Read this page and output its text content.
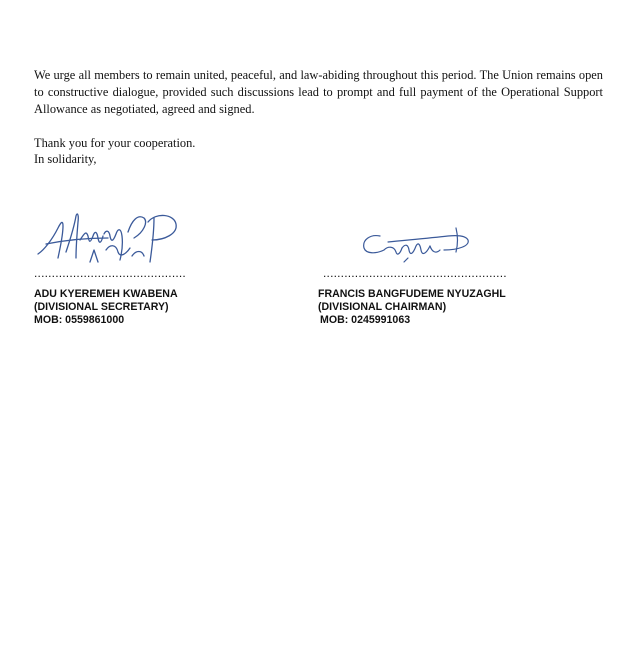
We urge all members to remain united, peaceful, and law-abiding throughout this period. The Union remains open to constructive dialogue, provided such discussions lead to prompt and full payment of the Operational Support Allowance as negotiated, agreed and signed.

Thank you for your cooperation.
In solidarity,
...........................................	....................................................
ADU KYEREMEH KWABENA
(DIVISIONAL SECRETARY)
MOB: 0559861000
FRANCIS BANGFUDEME NYUZAGHL
(DIVISIONAL CHAIRMAN)
MOB: 0245991063
